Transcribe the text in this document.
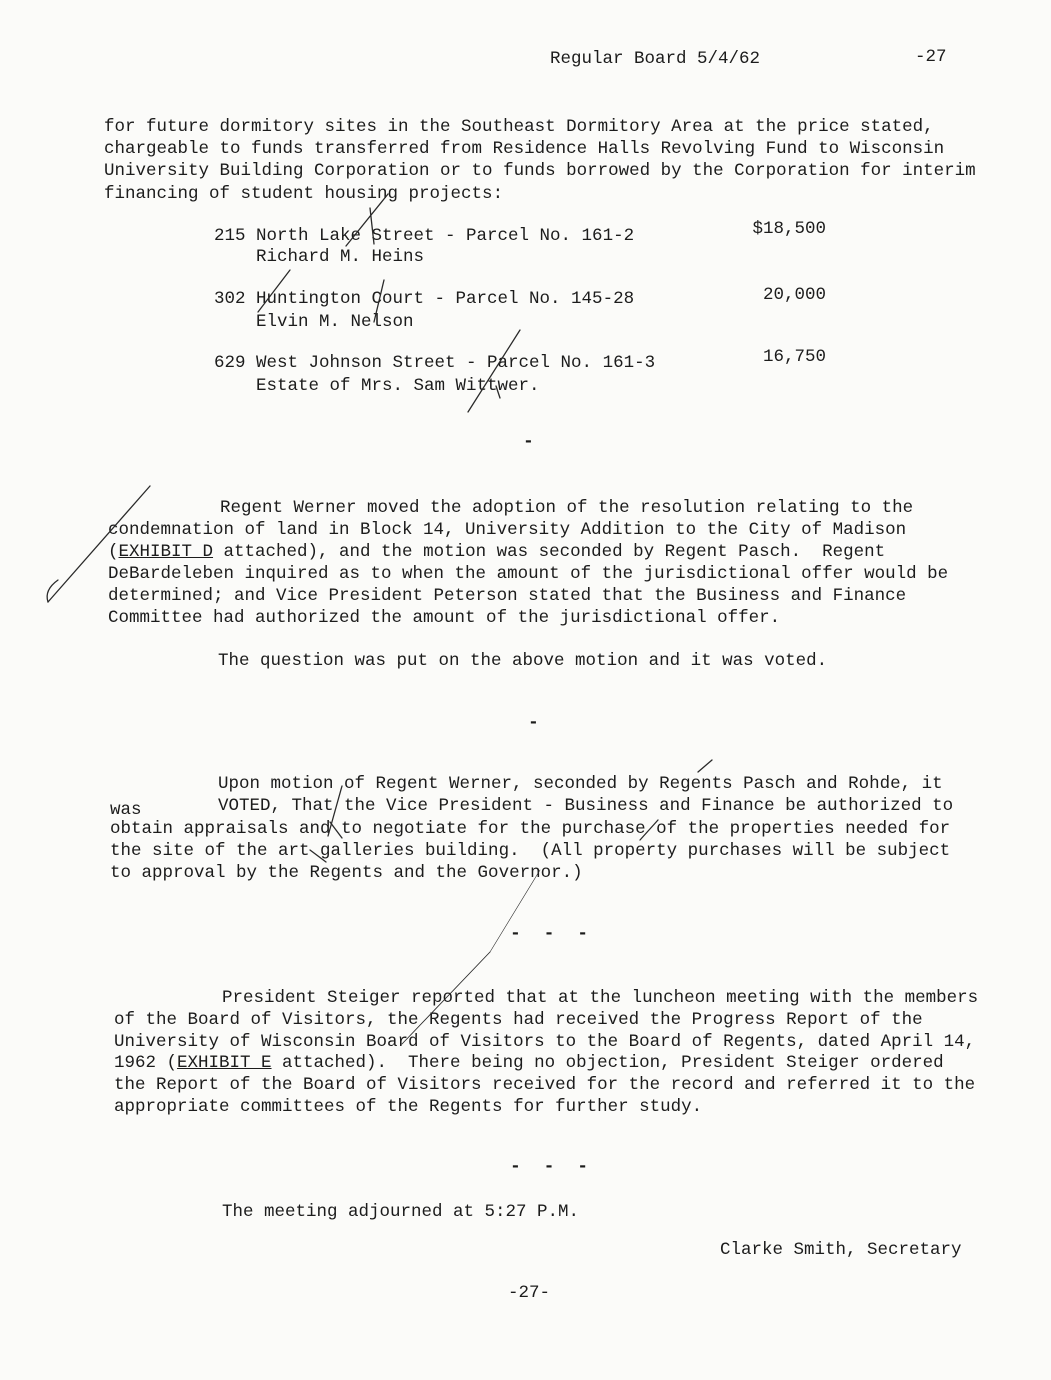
Regular Board 5/4/62	-27
for future dormitory sites in the Southeast Dormitory Area at the price stated,
chargeable to funds transferred from Residence Halls Revolving Fund to Wisconsin
University Building Corporation or to funds borrowed by the Corporation for interim
financing of student housing projects:
215 North Lake Street - Parcel No. 161-2
Richard M. Heins
$18,500
302 Huntington Court - Parcel No. 145-28
Elvin M. Nelson
20,000
629 West Johnson Street - Parcel No. 161-3
Estate of Mrs. Sam Wittwer.
16,750
-
Regent Werner moved the adoption of the resolution relating to the
condemnation of land in Block 14, University Addition to the City of Madison
(EXHIBIT D attached), and the motion was seconded by Regent Pasch.  Regent
DeBardeleben inquired as to when the amount of the jurisdictional offer would be
determined; and Vice President Peterson stated that the Business and Finance
Committee had authorized the amount of the jurisdictional offer.
The question was put on the above motion and it was voted.
-
Upon motion of Regent Werner, seconded by Regents Pasch and Rohde, it
was	VOTED, That the Vice President - Business and Finance be authorized to
obtain appraisals and to negotiate for the purchase of the properties needed for
the site of the art galleries building.  (All property purchases will be subject
to approval by the Regents and the Governor.)
- - -
President Steiger reported that at the luncheon meeting with the members
of the Board of Visitors, the Regents had received the Progress Report of the
University of Wisconsin Board of Visitors to the Board of Regents, dated April 14,
1962 (EXHIBIT E attached).  There being no objection, President Steiger ordered
the Report of the Board of Visitors received for the record and referred it to the
appropriate committees of the Regents for further study.
- - -
The meeting adjourned at 5:27 P.M.
Clarke Smith, Secretary
-27-
